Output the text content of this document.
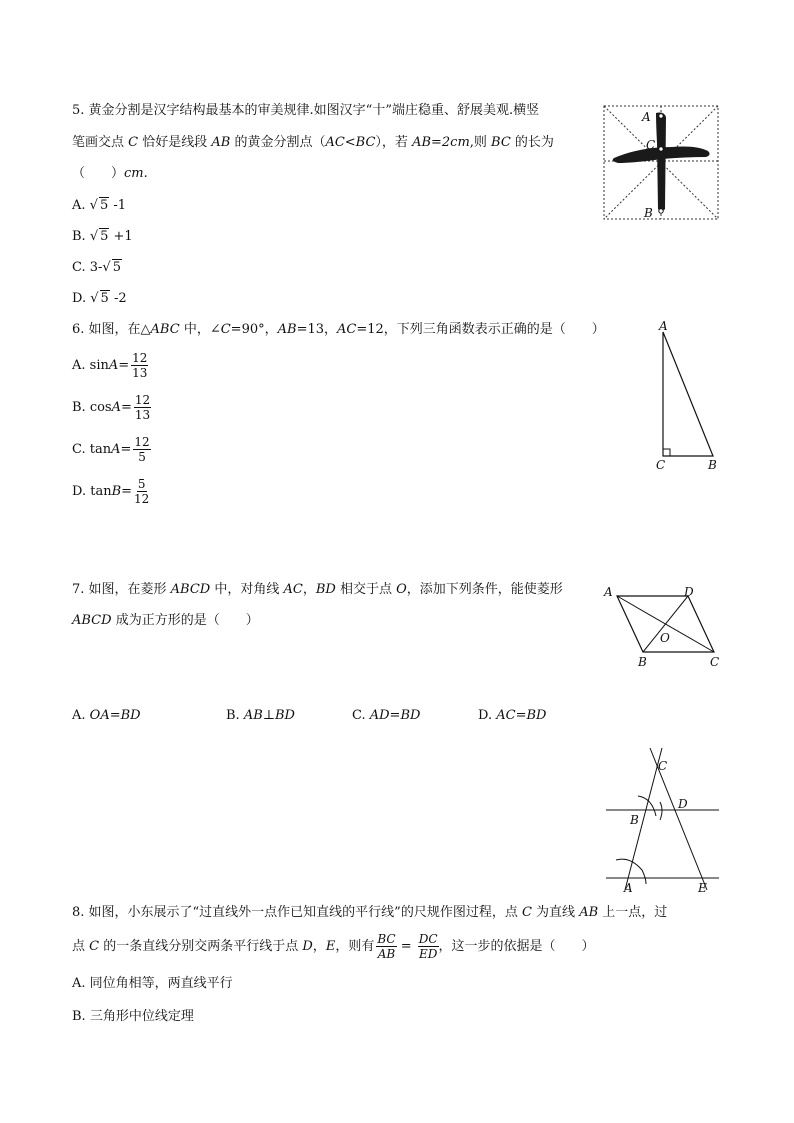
5. 黄金分割是汉字结构最基本的审美规律.如图汉字“十”端庄稳重、舒展美观.横竖
笔画交点 C 恰好是线段 AB 的黄金分割点（AC<BC），若 AB=2cm,则 BC 的长为
（　　）cm.
A. √ 5 -1
B. √ 5 +1
C. 3-√ 5
D. √ 5 -2
A
C
B
6. 如图，在△ABC 中，∠C=90°，AB=13，AC=12，下列三角函数表示正确的是（　　）
A. $\sin A= \frac{12}{13}$
B. $\cos A= \frac{12}{13}$
C. $\tan A= \frac{12}{5}$
D. $\tan B= \frac{5}{12}$
A
C	B
7. 如图，在菱形 ABCD 中，对角线 AC，BD 相交于点 O，添加下列条件，能使菱形
ABCD 成为正方形的是（　　）
A. OA=BD	B. AB⊥BD	C. AD=BD	D. AC=BD
A	D
O
B	C
C
D
B
A	E
8. 如图，小东展示了“过直线外一点作已知直线的平行线”的尺规作图过程，点 C 为直线 AB 上一点，过
点 C 的一条直线分别交两条平行线于点 D，E，则有 $\frac{BC}{AB} = \frac{DC}{ED}$ ，这一步的依据是（　　）
A. 同位角相等，两直线平行
B. 三角形中位线定理
